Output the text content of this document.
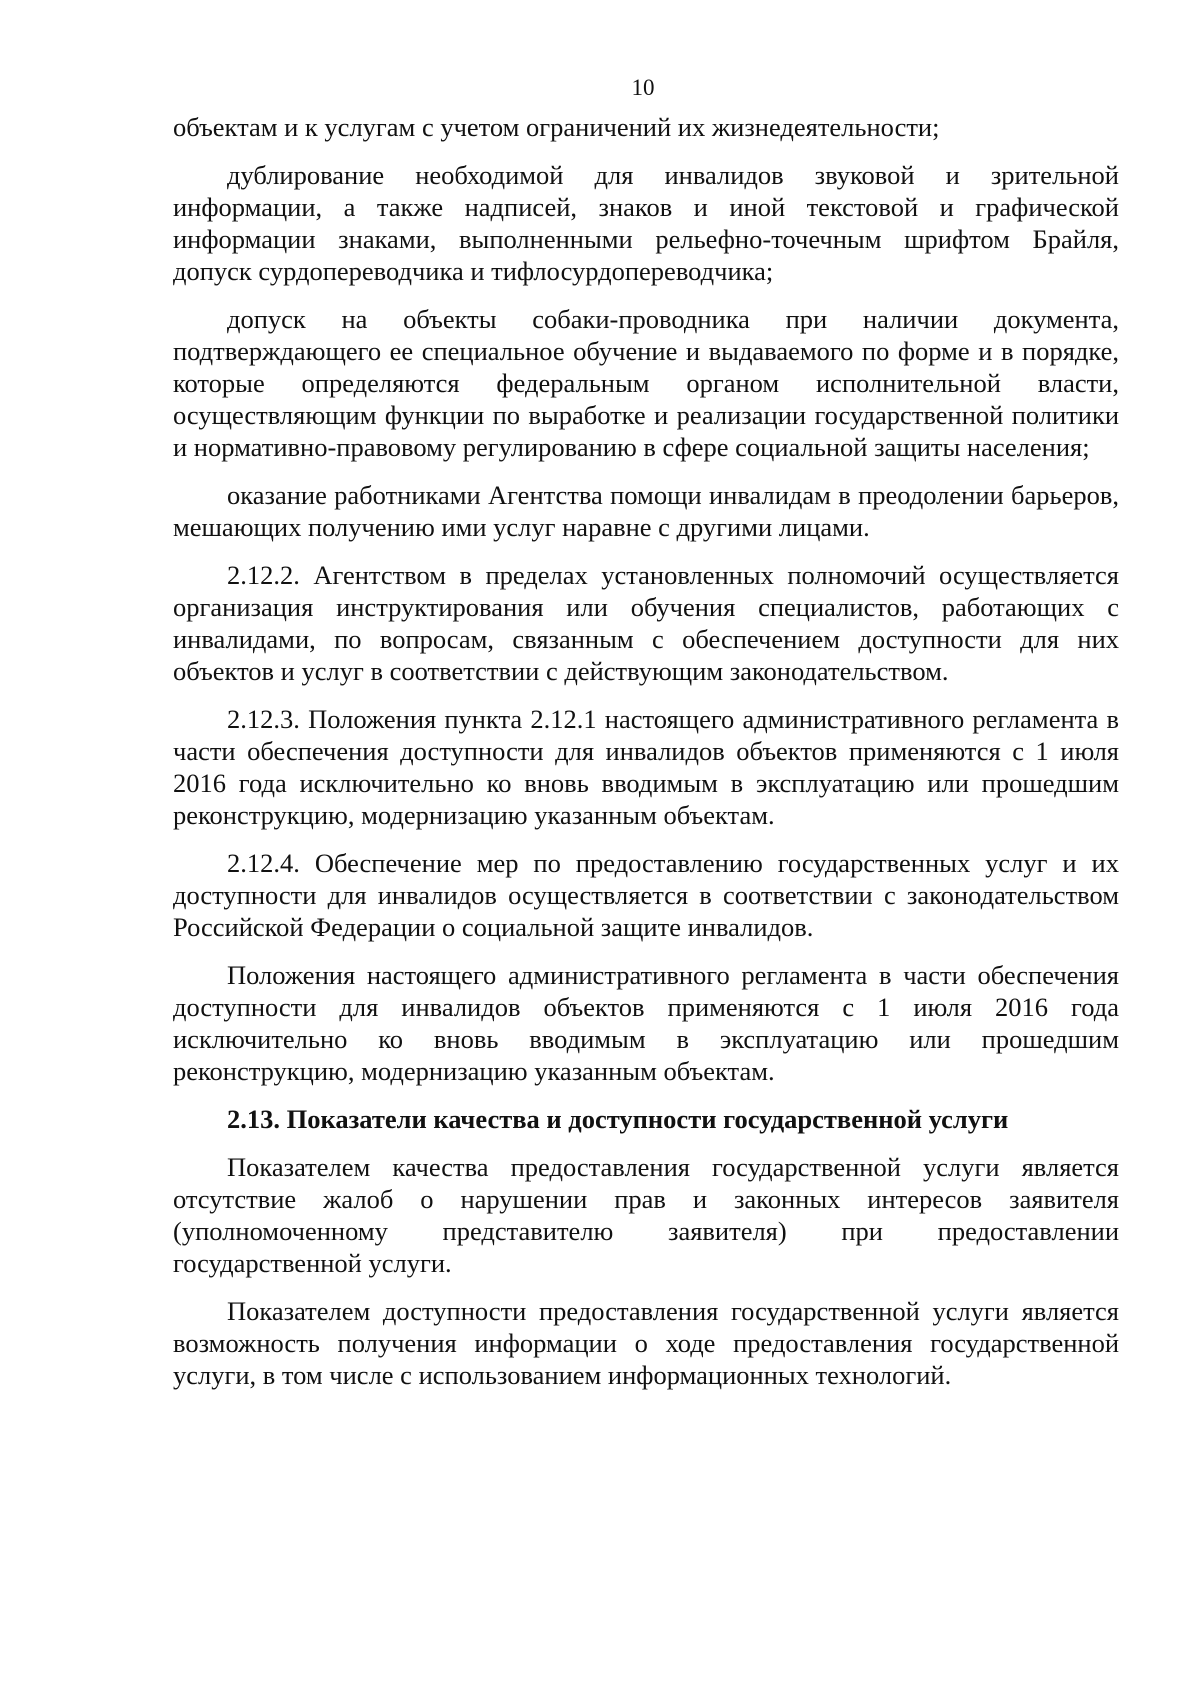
10

объектам и к услугам с учетом ограничений их жизнедеятельности;

дублирование необходимой для инвалидов звуковой и зрительной информации, а также надписей, знаков и иной текстовой и графической информации знаками, выполненными рельефно-точечным шрифтом Брайля, допуск сурдопереводчика и тифлосурдопереводчика;

допуск на объекты собаки-проводника при наличии документа, подтверждающего ее специальное обучение и выдаваемого по форме и в порядке, которые определяются федеральным органом исполнительной власти, осуществляющим функции по выработке и реализации государственной политики и нормативно-правовому регулированию в сфере социальной защиты населения;

оказание работниками Агентства помощи инвалидам в преодолении барьеров, мешающих получению ими услуг наравне с другими лицами.

2.12.2. Агентством в пределах установленных полномочий осуществляется организация инструктирования или обучения специалистов, работающих с инвалидами, по вопросам, связанным с обеспечением доступности для них объектов и услуг в соответствии с действующим законодательством.

2.12.3. Положения пункта 2.12.1 настоящего административного регламента в части обеспечения доступности для инвалидов объектов применяются с 1 июля 2016 года исключительно ко вновь вводимым в эксплуатацию или прошедшим реконструкцию, модернизацию указанным объектам.

2.12.4. Обеспечение мер по предоставлению государственных услуг и их доступности для инвалидов осуществляется в соответствии с законодательством Российской Федерации о социальной защите инвалидов.

Положения настоящего административного регламента в части обеспечения доступности для инвалидов объектов применяются с 1 июля 2016 года исключительно ко вновь вводимым в эксплуатацию или прошедшим реконструкцию, модернизацию указанным объектам.

2.13. Показатели качества и доступности государственной услуги

Показателем качества предоставления государственной услуги является отсутствие жалоб о нарушении прав и законных интересов заявителя (уполномоченному представителю заявителя) при предоставлении государственной услуги.

Показателем доступности предоставления государственной услуги является возможность получения информации о ходе предоставления государственной услуги, в том числе с использованием информационных технологий.
